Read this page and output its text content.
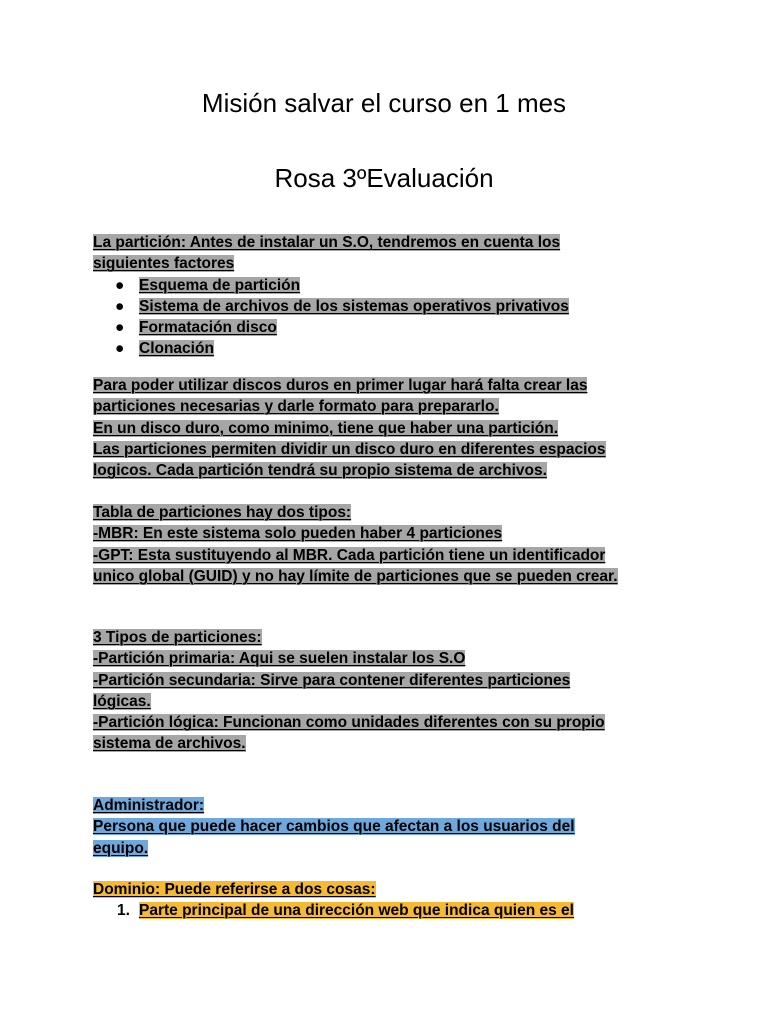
Misión salvar el curso en 1 mes
Rosa 3ºEvaluación
La partición: Antes de instalar un S.O, tendremos en cuenta los
siguientes factores
● Esquema de partición
● Sistema de archivos de los sistemas operativos privativos
● Formatación disco
● Clonación
Para poder utilizar discos duros en primer lugar hará falta crear las
particiones necesarias y darle formato para prepararlo.
En un disco duro, como minimo, tiene que haber una partición.
Las particiones permiten dividir un disco duro en diferentes espacios
logicos. Cada partición tendrá su propio sistema de archivos.
Tabla de particiones hay dos tipos:
-MBR: En este sistema solo pueden haber 4 particiones
-GPT: Esta sustituyendo al MBR. Cada partición tiene un identificador
unico global (GUID) y no hay límite de particiones que se pueden crear.
3 Tipos de particiones:
-Partición primaria: Aqui se suelen instalar los S.O
-Partición secundaria: Sirve para contener diferentes particiones
lógicas.
-Partición lógica: Funcionan como unidades diferentes con su propio
sistema de archivos.
Administrador:
Persona que puede hacer cambios que afectan a los usuarios del
equipo.
Dominio: Puede referirse a dos cosas:
1. Parte principal de una dirección web que indica quien es el
